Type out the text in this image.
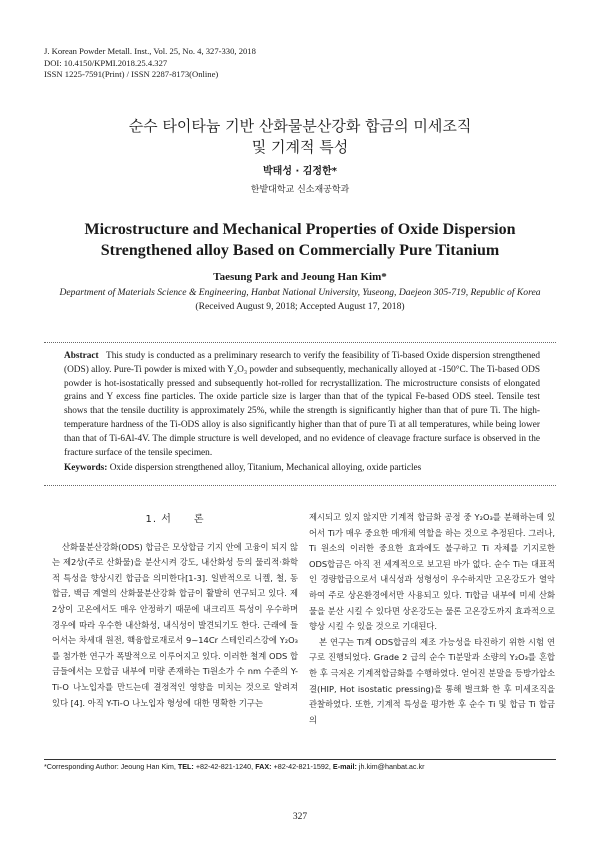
J. Korean Powder Metall. Inst., Vol. 25, No. 4, 327-330, 2018
DOI: 10.4150/KPMI.2018.25.4.327
ISSN 1225-7591(Print) / ISSN 2287-8173(Online)
순수 타이타늄 기반 산화물분산강화 합금의 미세조직
및 기계적 특성
박태성 · 김정한*
한밭대학교 신소재공학과
Microstructure and Mechanical Properties of Oxide Dispersion
Strengthened alloy Based on Commercially Pure Titanium
Taesung Park and Jeoung Han Kim*
Department of Materials Science & Engineering, Hanbat National University, Yuseong, Daejeon 305-719, Republic of Korea
(Received August 9, 2018; Accepted August 17, 2018)
Abstract This study is conducted as a preliminary research to verify the feasibility of Ti-based Oxide dispersion strengthened (ODS) alloy. Pure-Ti powder is mixed with Y₂O₃ powder and subsequently, mechanically alloyed at -150°C. The Ti-based ODS powder is hot-isostatically pressed and subsequently hot-rolled for recrystallization. The microstructure consists of elongated grains and Y excess fine particles. The oxide particle size is larger than that of the typical Fe-based ODS steel. Tensile test shows that the tensile ductility is approximately 25%, while the strength is significantly higher than that of pure Ti. The high-temperature hardness of the Ti-ODS alloy is also significantly higher than that of pure Ti at all temperatures, while being lower than that of Ti-6Al-4V. The dimple structure is well developed, and no evidence of cleavage fracture surface is observed in the fracture surface of the tensile specimen.
Keywords: Oxide dispersion strengthened alloy, Titanium, Mechanical alloying, oxide particles
1. 서　　론

산화물분산강화(ODS) 합금은 모상합금 기지 안에 고융이 되지 않는 제2상(주로 산화물)을 분산시켜 강도, 내산화성 등의 물리적·화학적 특성을 향상시킨 합금을 의미한다[1-3]. 일반적으로 니켈, 철, 동합금, 백금 계열의 산화물분산강화 합금이 활발히 연구되고 있다. 제2상이 고온에서도 매우 안정하기 때문에 내크리프 특성이 우수하며 경우에 따라 우수한 내산화성, 내식성이 발견되기도 한다. 근래에 들어서는 차세대 원전, 핵융합로재로서 9~14Cr 스테인리스강에 Y₂O₃를 첨가한 연구가 폭발적으로 이루어지고 있다. 이러한 철계 ODS 합금들에서는 모합금 내부에 미량 존재하는 Ti원소가 수 nm 수준의 Y-Ti-O 나노입자를 만드는데 결정적인 영향을 미치는 것으로 알려져 있다 [4]. 아직 Y-Ti-O 나노입자 형성에 대한 명확한 기구는

제시되고 있지 않지만 기계적 합금화 공정 중 Y₂O₃를 분해하는데 있어서 Ti가 매우 중요한 매개체 역할을 하는 것으로 추정된다. 그러나, Ti 원소의 이러한 중요한 효과에도 불구하고 Ti 자체를 기지로한 ODS합금은 아직 전 세계적으로 보고된 바가 없다. 순수 Ti는 대표적인 경량합금으로서 내식성과 성형성이 우수하지만 고온강도가 열악하여 주로 상온환경에서만 사용되고 있다. Ti합금 내부에 미세 산화물을 분산 시킬 수 있다면 상온강도는 물론 고온강도까지 효과적으로 향상 시킬 수 있을 것으로 기대된다.

본 연구는 Ti계 ODS합금의 제조 가능성을 타진하기 위한 시험 연구로 진행되었다. Grade 2 급의 순수 Ti분말과 소량의 Y₂O₃를 혼합한 후 극저온 기계적합금화를 수행하였다. 얻어진 분말을 등방가압소결(HIP, Hot isostatic pressing)을 통해 벌크화 한 후 미세조직을 관찰하였다. 또한, 기계적 특성을 평가한 후 순수 Ti 및 합금 Ti 합금의

*Corresponding Author: Jeoung Han Kim, TEL: +82-42-821-1240, FAX: +82-42-821-1592, E-mail: jh.kim@hanbat.ac.kr
327
